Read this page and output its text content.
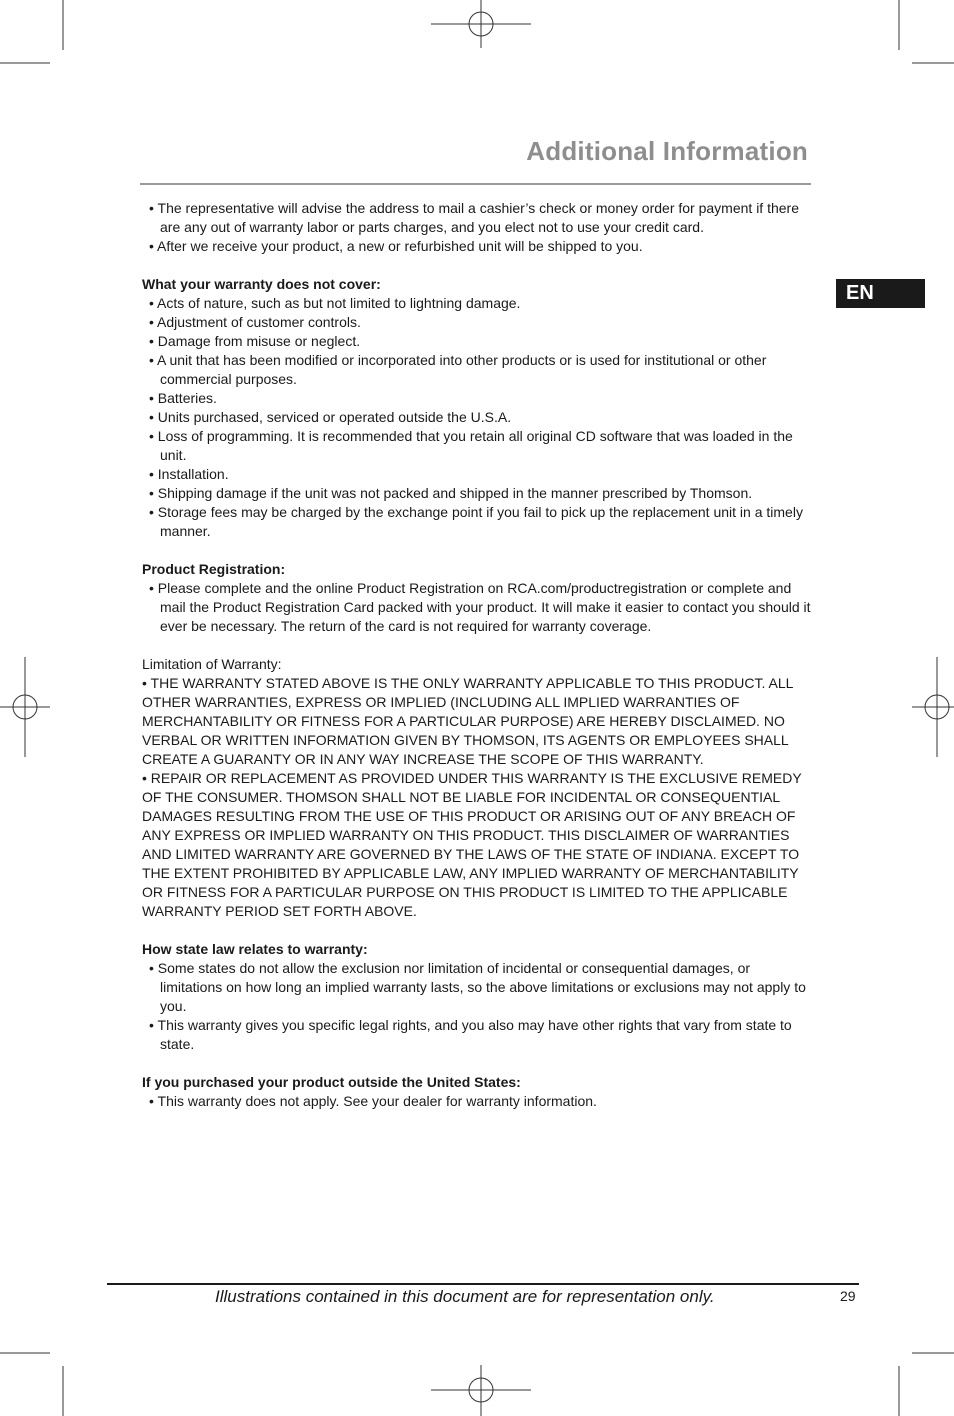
Additional Information
EN

• The representative will advise the address to mail a cashier’s check or money order for payment if there are any out of warranty labor or parts charges, and you elect not to use your credit card.

• After we receive your product, a new or refurbished unit will be shipped to you.

What your warranty does not cover:

• Acts of nature, such as but not limited to lightning damage.

• Adjustment of customer controls.

• Damage from misuse or neglect.

• A unit that has been modified or incorporated into other products or is used for institutional or other commercial purposes.

• Batteries.

• Units purchased, serviced or operated outside the U.S.A.

• Loss of programming. It is recommended that you retain all original CD software that was loaded in the unit.

• Installation.

• Shipping damage if the unit was not packed and shipped in the manner prescribed by Thomson.

• Storage fees may be charged by the exchange point if you fail to pick up the replacement unit in a timely manner.

Product Registration:

• Please complete and the online Product Registration on RCA.com/productregistration or complete and mail the Product Registration Card packed with your product. It will make it easier to contact you should it ever be necessary. The return of the card is not required for warranty coverage.

Limitation of Warranty:

• THE WARRANTY STATED ABOVE IS THE ONLY WARRANTY APPLICABLE TO THIS PRODUCT. ALL OTHER WARRANTIES, EXPRESS OR IMPLIED (INCLUDING ALL IMPLIED WARRANTIES OF MERCHANTABILITY OR FITNESS FOR A PARTICULAR PURPOSE) ARE HEREBY DISCLAIMED. NO VERBAL OR WRITTEN INFORMATION GIVEN BY THOMSON, ITS AGENTS OR EMPLOYEES SHALL CREATE A GUARANTY OR IN ANY WAY INCREASE THE SCOPE OF THIS WARRANTY.

• REPAIR OR REPLACEMENT AS PROVIDED UNDER THIS WARRANTY IS THE EXCLUSIVE REMEDY OF THE CONSUMER. THOMSON SHALL NOT BE LIABLE FOR INCIDENTAL OR CONSEQUENTIAL DAMAGES RESULTING FROM THE USE OF THIS PRODUCT OR ARISING OUT OF ANY BREACH OF ANY EXPRESS OR IMPLIED WARRANTY ON THIS PRODUCT. THIS DISCLAIMER OF WARRANTIES AND LIMITED WARRANTY ARE GOVERNED BY THE LAWS OF THE STATE OF INDIANA. EXCEPT TO THE EXTENT PROHIBITED BY APPLICABLE LAW, ANY IMPLIED WARRANTY OF MERCHANTABILITY OR FITNESS FOR A PARTICULAR PURPOSE ON THIS PRODUCT IS LIMITED TO THE APPLICABLE WARRANTY PERIOD SET FORTH ABOVE.

How state law relates to warranty:

• Some states do not allow the exclusion nor limitation of incidental or consequential damages, or limitations on how long an implied warranty lasts, so the above limitations or exclusions may not apply to you.

• This warranty gives you specific legal rights, and you also may have other rights that vary from state to state.

If you purchased your product outside the United States:

• This warranty does not apply. See your dealer for warranty information.

Illustrations contained in this document are for representation only.	29
